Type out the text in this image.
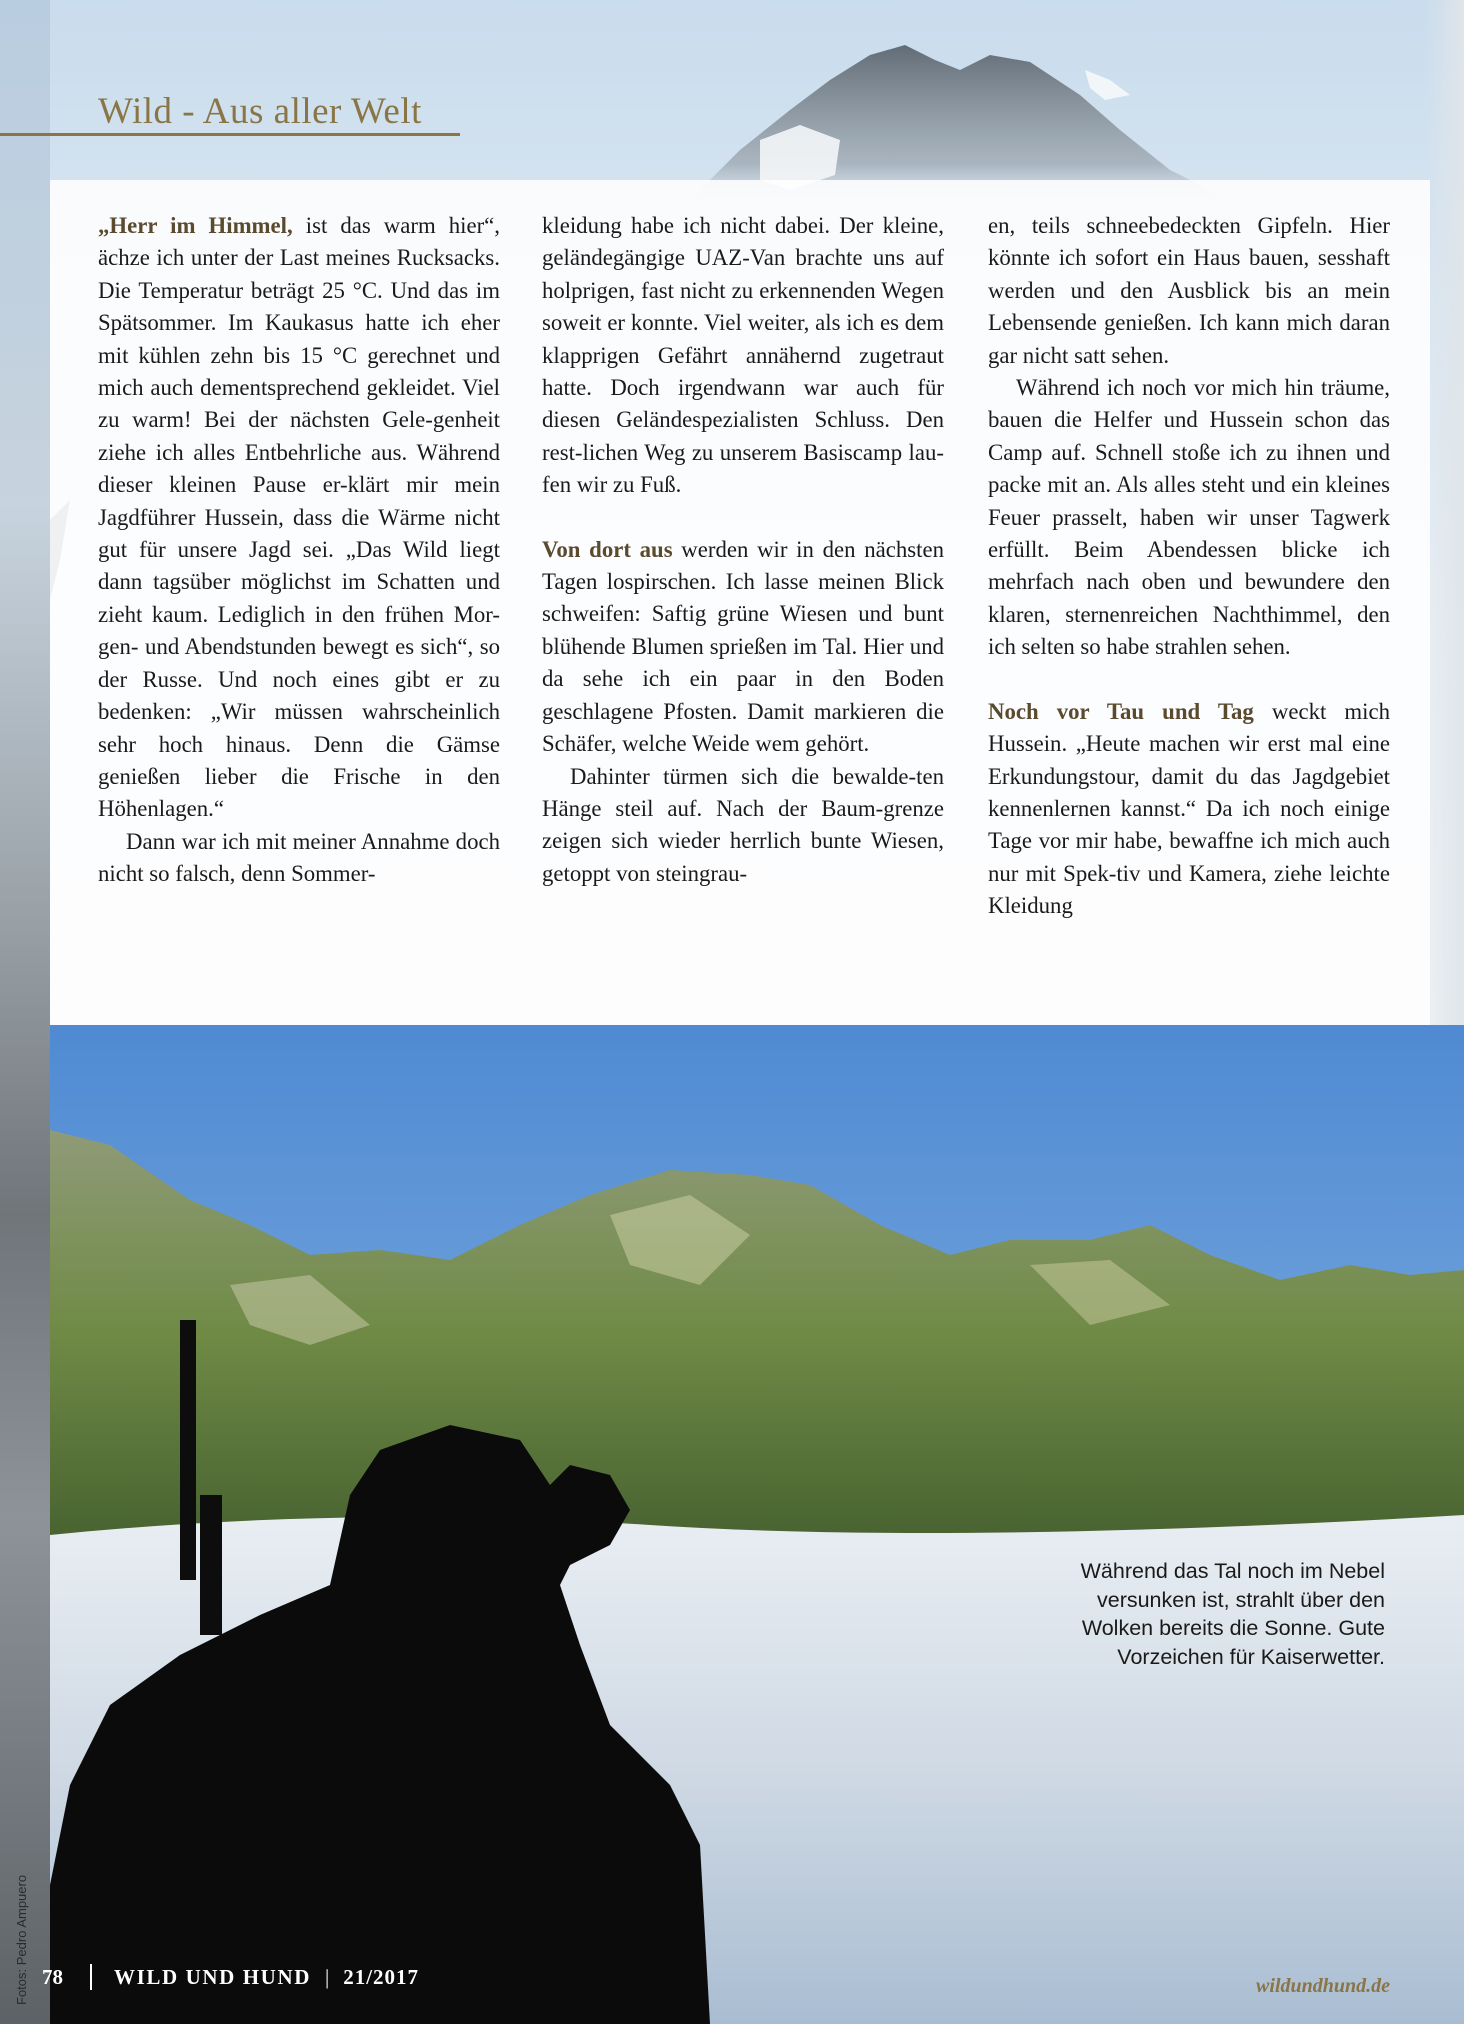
Wild - Aus aller Welt

„Herr im Himmel, ist das warm hier“, ächze ich unter der Last meines Rucksacks. Die Temperatur beträgt 25 °C. Und das im Spätsommer. Im Kaukasus hatte ich eher mit kühlen zehn bis 15 °C gerechnet und mich auch dementsprechend gekleidet. Viel zu warm! Bei der nächsten Gele-genheit ziehe ich alles Entbehrliche aus. Während dieser kleinen Pause er-klärt mir mein Jagdführer Hussein, dass die Wärme nicht gut für unsere Jagd sei. „Das Wild liegt dann tagsüber möglichst im Schatten und zieht kaum. Lediglich in den frühen Mor-gen- und Abendstunden bewegt es sich“, so der Russe. Und noch eines gibt er zu bedenken: „Wir müssen wahrscheinlich sehr hoch hinaus. Denn die Gämse genießen lieber die Frische in den Höhenlagen.“

Dann war ich mit meiner Annahme doch nicht so falsch, denn Sommer-

kleidung habe ich nicht dabei. Der kleine, geländegängige UAZ-Van brachte uns auf holprigen, fast nicht zu erkennenden Wegen soweit er konnte. Viel weiter, als ich es dem klapprigen Gefährt annähernd zugetraut hatte. Doch irgendwann war auch für diesen Geländespezialisten Schluss. Den rest-lichen Weg zu unserem Basiscamp lau-fen wir zu Fuß.

Von dort aus werden wir in den nächsten Tagen lospirschen. Ich lasse meinen Blick schweifen: Saftig grüne Wiesen und bunt blühende Blumen sprießen im Tal. Hier und da sehe ich ein paar in den Boden geschlagene Pfosten. Damit markieren die Schäfer, welche Weide wem gehört.

Dahinter türmen sich die bewalde-ten Hänge steil auf. Nach der Baum-grenze zeigen sich wieder herrlich bunte Wiesen, getoppt von steingrau-

en, teils schneebedeckten Gipfeln. Hier könnte ich sofort ein Haus bauen, sesshaft werden und den Ausblick bis an mein Lebensende genießen. Ich kann mich daran gar nicht satt sehen.

Während ich noch vor mich hin träume, bauen die Helfer und Hussein schon das Camp auf. Schnell stoße ich zu ihnen und packe mit an. Als alles steht und ein kleines Feuer prasselt, haben wir unser Tagwerk erfüllt. Beim Abendessen blicke ich mehrfach nach oben und bewundere den klaren, sternenreichen Nachthimmel, den ich selten so habe strahlen sehen.

Noch vor Tau und Tag weckt mich Hussein. „Heute machen wir erst mal eine Erkundungstour, damit du das Jagdgebiet kennenlernen kannst.“ Da ich noch einige Tage vor mir habe, bewaffne ich mich auch nur mit Spek-tiv und Kamera, ziehe leichte Kleidung

Während das Tal noch im Nebel versunken ist, strahlt über den Wolken bereits die Sonne. Gute Vorzeichen für Kaiserwetter.
Fotos: Pedro Ampuero 78	WILD UND HUND | 21/2017	wildundhund.de
